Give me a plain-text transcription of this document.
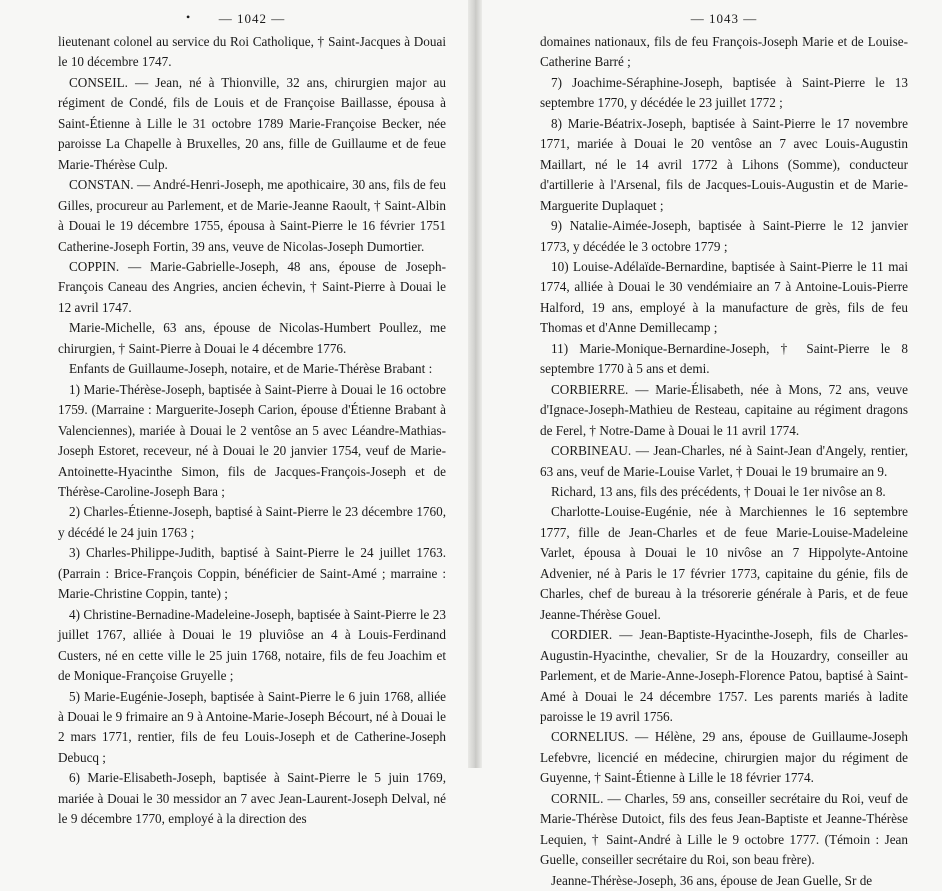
•	— 1042 —

lieutenant colonel au service du Roi Catholique, † Saint-Jacques à Douai le 10 décembre 1747.

CONSEIL. — Jean, né à Thionville, 32 ans, chirurgien major au régiment de Condé, fils de Louis et de Françoise Baillasse, épousa à Saint-Étienne à Lille le 31 octobre 1789 Marie-Françoise Becker, née paroisse La Chapelle à Bruxelles, 20 ans, fille de Guillaume et de feue Marie-Thérèse Culp.

CONSTAN. — André-Henri-Joseph, me apothicaire, 30 ans, fils de feu Gilles, procureur au Parlement, et de Marie-Jeanne Raoult, † Saint-Albin à Douai le 19 décembre 1755, épousa à Saint-Pierre le 16 février 1751 Catherine-Joseph Fortin, 39 ans, veuve de Nicolas-Joseph Dumortier.

COPPIN. — Marie-Gabrielle-Joseph, 48 ans, épouse de Joseph-François Caneau des Angries, ancien échevin, † Saint-Pierre à Douai le 12 avril 1747.

Marie-Michelle, 63 ans, épouse de Nicolas-Humbert Poullez, me chirurgien, † Saint-Pierre à Douai le 4 décembre 1776.

Enfants de Guillaume-Joseph, notaire, et de Marie-Thérèse Brabant :

1) Marie-Thérèse-Joseph, baptisée à Saint-Pierre à Douai le 16 octobre 1759. (Marraine : Marguerite-Joseph Carion, épouse d'Étienne Brabant à Valenciennes), mariée à Douai le 2 ventôse an 5 avec Léandre-Mathias-Joseph Estoret, receveur, né à Douai le 20 janvier 1754, veuf de Marie-Antoinette-Hyacinthe Simon, fils de Jacques-François-Joseph et de Thérèse-Caroline-Joseph Bara ;

2) Charles-Étienne-Joseph, baptisé à Saint-Pierre le 23 décembre 1760, y décédé le 24 juin 1763 ;

3) Charles-Philippe-Judith, baptisé à Saint-Pierre le 24 juillet 1763. (Parrain : Brice-François Coppin, bénéficier de Saint-Amé ; marraine : Marie-Christine Coppin, tante) ;

4) Christine-Bernadine-Madeleine-Joseph, baptisée à Saint-Pierre le 23 juillet 1767, alliée à Douai le 19 pluviôse an 4 à Louis-Ferdinand Custers, né en cette ville le 25 juin 1768, notaire, fils de feu Joachim et de Monique-Françoise Gruyelle ;

5) Marie-Eugénie-Joseph, baptisée à Saint-Pierre le 6 juin 1768, alliée à Douai le 9 frimaire an 9 à Antoine-Marie-Joseph Bécourt, né à Douai le 2 mars 1771, rentier, fils de feu Louis-Joseph et de Catherine-Joseph Debucq ;

6) Marie-Elisabeth-Joseph, baptisée à Saint-Pierre le 5 juin 1769, mariée à Douai le 30 messidor an 7 avec Jean-Laurent-Joseph Delval, né le 9 décembre 1770, employé à la direction des

— 1043 —

domaines nationaux, fils de feu François-Joseph Marie et de Louise-Catherine Barré ;

7) Joachime-Séraphine-Joseph, baptisée à Saint-Pierre le 13 septembre 1770, y décédée le 23 juillet 1772 ;

8) Marie-Béatrix-Joseph, baptisée à Saint-Pierre le 17 novembre 1771, mariée à Douai le 20 ventôse an 7 avec Louis-Augustin Maillart, né le 14 avril 1772 à Lihons (Somme), conducteur d'artillerie à l'Arsenal, fils de Jacques-Louis-Augustin et de Marie-Marguerite Duplaquet ;

9) Natalie-Aimée-Joseph, baptisée à Saint-Pierre le 12 janvier 1773, y décédée le 3 octobre 1779 ;

10) Louise-Adélaïde-Bernardine, baptisée à Saint-Pierre le 11 mai 1774, alliée à Douai le 30 vendémiaire an 7 à Antoine-Louis-Pierre Halford, 19 ans, employé à la manufacture de grès, fils de feu Thomas et d'Anne Demillecamp ;

11) Marie-Monique-Bernardine-Joseph, † Saint-Pierre le 8 septembre 1770 à 5 ans et demi.

CORBIERRE. — Marie-Élisabeth, née à Mons, 72 ans, veuve d'Ignace-Joseph-Mathieu de Resteau, capitaine au régiment dragons de Ferel, † Notre-Dame à Douai le 11 avril 1774.

CORBINEAU. — Jean-Charles, né à Saint-Jean d'Angely, rentier, 63 ans, veuf de Marie-Louise Varlet, † Douai le 19 brumaire an 9.

Richard, 13 ans, fils des précédents, † Douai le 1er nivôse an 8.

Charlotte-Louise-Eugénie, née à Marchiennes le 16 septembre 1777, fille de Jean-Charles et de feue Marie-Louise-Madeleine Varlet, épousa à Douai le 10 nivôse an 7 Hippolyte-Antoine Advenier, né à Paris le 17 février 1773, capitaine du génie, fils de Charles, chef de bureau à la trésorerie générale à Paris, et de feue Jeanne-Thérèse Gouel.

CORDIER. — Jean-Baptiste-Hyacinthe-Joseph, fils de Charles-Augustin-Hyacinthe, chevalier, Sr de la Houzardry, conseiller au Parlement, et de Marie-Anne-Joseph-Florence Patou, baptisé à Saint-Amé à Douai le 24 décembre 1757. Les parents mariés à ladite paroisse le 19 avril 1756.

CORNELIUS. — Hélène, 29 ans, épouse de Guillaume-Joseph Lefebvre, licencié en médecine, chirurgien major du régiment de Guyenne, † Saint-Étienne à Lille le 18 février 1774.

CORNIL. — Charles, 59 ans, conseiller secrétaire du Roi, veuf de Marie-Thérèse Dutoict, fils des feus Jean-Baptiste et Jeanne-Thérèse Lequien, † Saint-André à Lille le 9 octobre 1777. (Témoin : Jean Guelle, conseiller secrétaire du Roi, son beau frère).

Jeanne-Thérèse-Joseph, 36 ans, épouse de Jean Guelle, Sr de
